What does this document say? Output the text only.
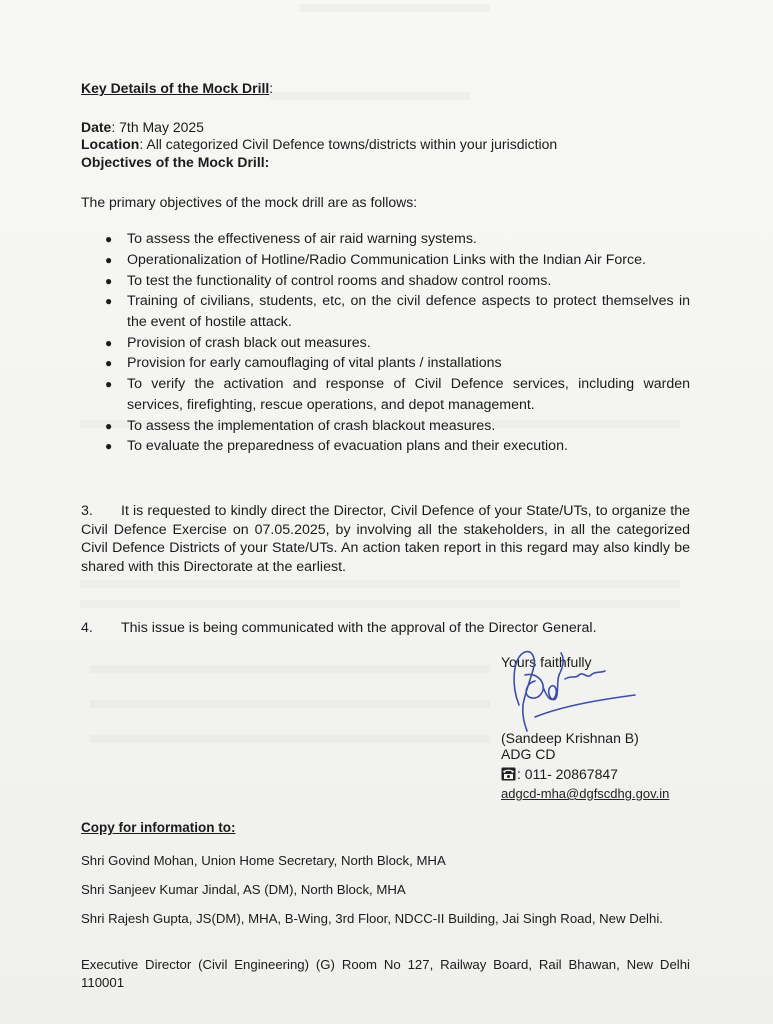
Key Details of the Mock Drill:
Date: 7th May 2025
Location: All categorized Civil Defence towns/districts within your jurisdiction
Objectives of the Mock Drill:
The primary objectives of the mock drill are as follows:
● To assess the effectiveness of air raid warning systems.
● Operationalization of Hotline/Radio Communication Links with the Indian Air Force.
● To test the functionality of control rooms and shadow control rooms.
● Training of civilians, students, etc, on the civil defence aspects to protect themselves in the event of hostile attack.
● Provision of crash black out measures.
● Provision for early camouflaging of vital plants / installations
● To verify the activation and response of Civil Defence services, including warden services, firefighting, rescue operations, and depot management.
● To assess the implementation of crash blackout measures.
● To evaluate the preparedness of evacuation plans and their execution.
3. It is requested to kindly direct the Director, Civil Defence of your State/UTs, to organize the Civil Defence Exercise on 07.05.2025, by involving all the stakeholders, in all the categorized Civil Defence Districts of your State/UTs. An action taken report in this regard may also kindly be shared with this Directorate at the earliest.
4. This issue is being communicated with the approval of the Director General.
Yours faithfully
(Sandeep Krishnan B)
ADG CD
: 011- 20867847
adgcd-mha@dgfscdhg.gov.in
Copy for information to:
Shri Govind Mohan, Union Home Secretary, North Block, MHA
Shri Sanjeev Kumar Jindal, AS (DM), North Block, MHA
Shri Rajesh Gupta, JS(DM), MHA, B-Wing, 3rd Floor, NDCC-II Building, Jai Singh Road, New Delhi.
Executive Director (Civil Engineering) (G) Room No 127, Railway Board, Rail Bhawan, New Delhi 110001
